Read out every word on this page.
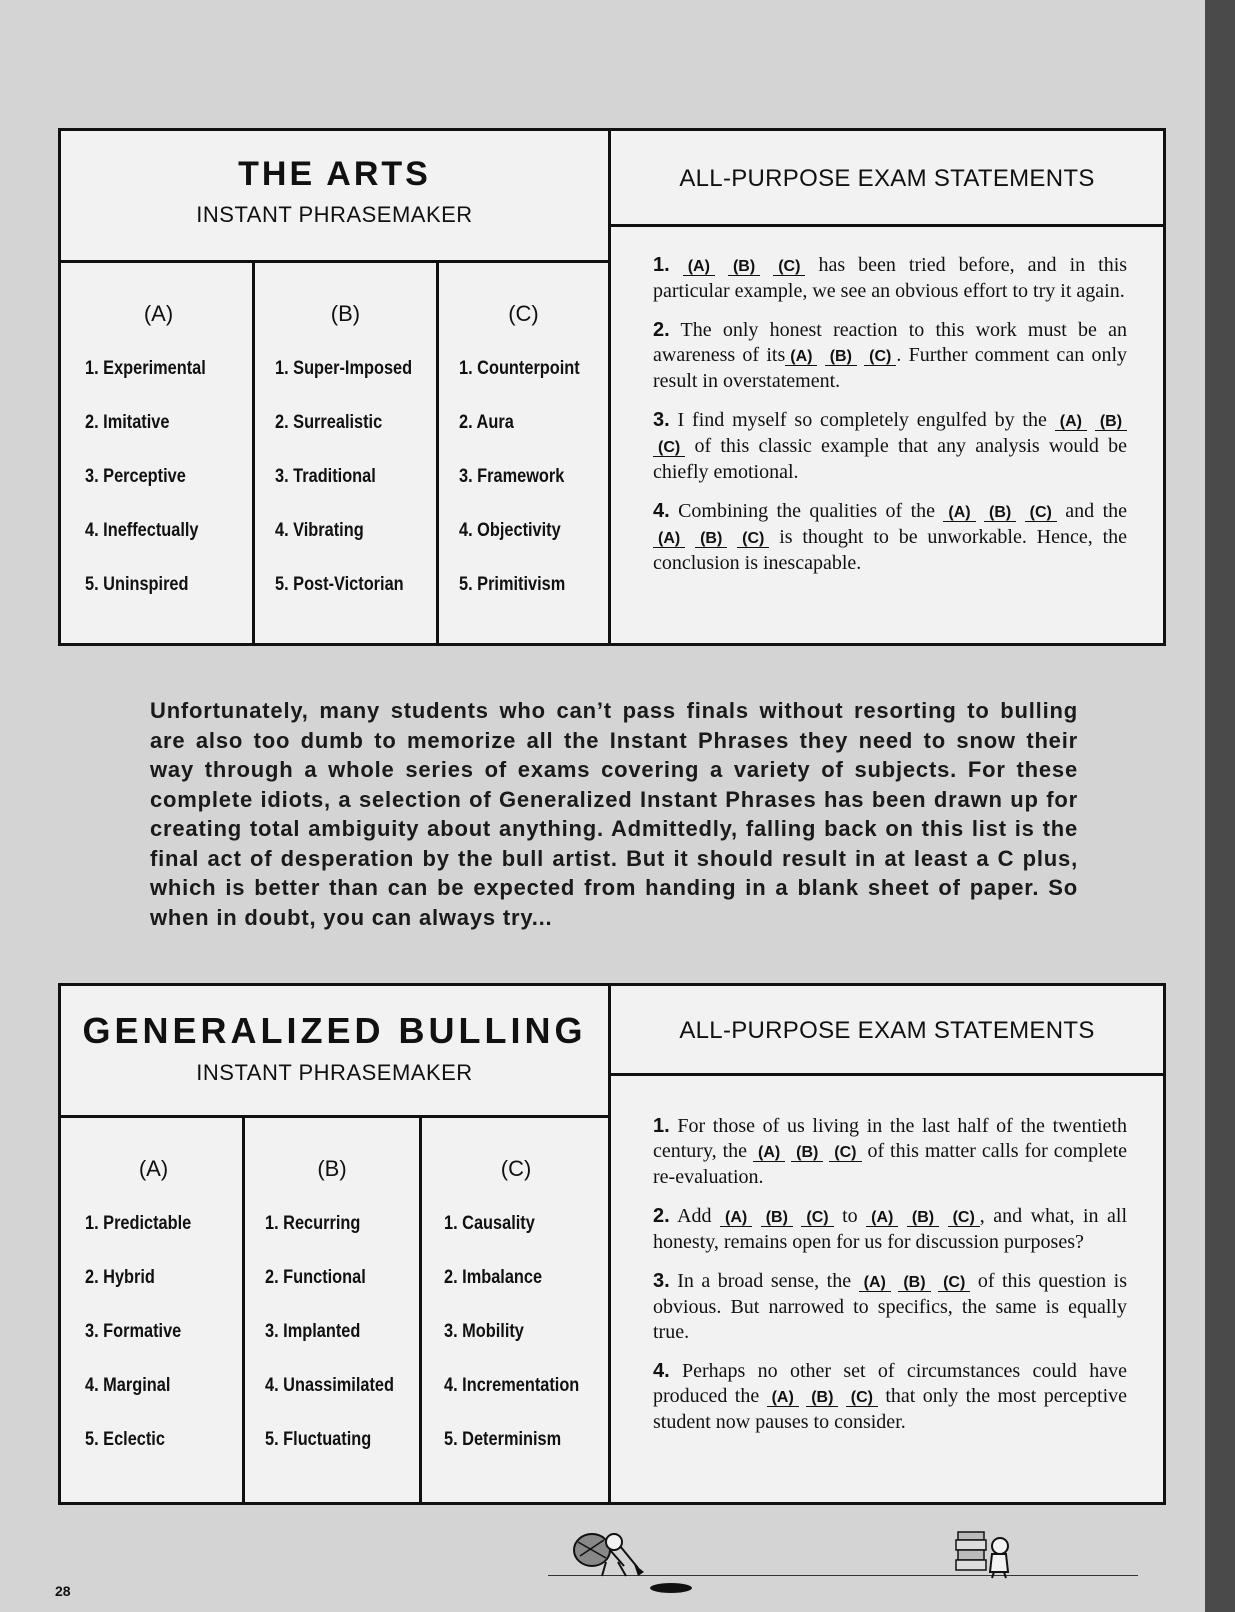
THE ARTS
INSTANT PHRASEMAKER
(A)
1. Experimental
2. Imitative
3. Perceptive
4. Ineffectually
5. Uninspired
(B)
1. Super-Imposed
2. Surrealistic
3. Traditional
4. Vibrating
5. Post-Victorian
(C)
1. Counterpoint
2. Aura
3. Framework
4. Objectivity
5. Primitivism
ALL-PURPOSE EXAM STATEMENTS

1. (A) (B) (C) has been tried before, and in this particular example, we see an obvious effort to try it again.

2. The only honest reaction to this work must be an awareness of its (A) (B) (C) . Further comment can only result in overstatement.

3. I find myself so completely engulfed by the (A) (B) (C) of this classic example that any analysis would be chiefly emotional.

4. Combining the qualities of the (A) (B) (C) and the (A) (B) (C) is thought to be unworkable. Hence, the conclusion is inescapable.

Unfortunately, many students who can’t pass finals without resorting to bulling are also too dumb to memorize all the Instant Phrases they need to snow their way through a whole series of exams covering a variety of subjects. For these complete idiots, a selection of Generalized Instant Phrases has been drawn up for creating total ambiguity about anything. Admittedly, falling back on this list is the final act of desperation by the bull artist. But it should result in at least a C plus, which is better than can be expected from handing in a blank sheet of paper. So when in doubt, you can always try...
GENERALIZED BULLING
INSTANT PHRASEMAKER
(A)
1. Predictable
2. Hybrid
3. Formative
4. Marginal
5. Eclectic
(B)
1. Recurring
2. Functional
3. Implanted
4. Unassimilated
5. Fluctuating
(C)
1. Causality
2. Imbalance
3. Mobility
4. Incrementation
5. Determinism
ALL-PURPOSE EXAM STATEMENTS

1. For those of us living in the last half of the twentieth century, the (A) (B) (C) of this matter calls for complete re-evaluation.

2. Add (A) (B) (C) to (A) (B) (C) , and what, in all honesty, remains open for us for discussion purposes?

3. In a broad sense, the (A) (B) (C) of this question is obvious. But narrowed to specifics, the same is equally true.

4. Perhaps no other set of circumstances could have produced the (A) (B) (C) that only the most perceptive student now pauses to consider.

28
